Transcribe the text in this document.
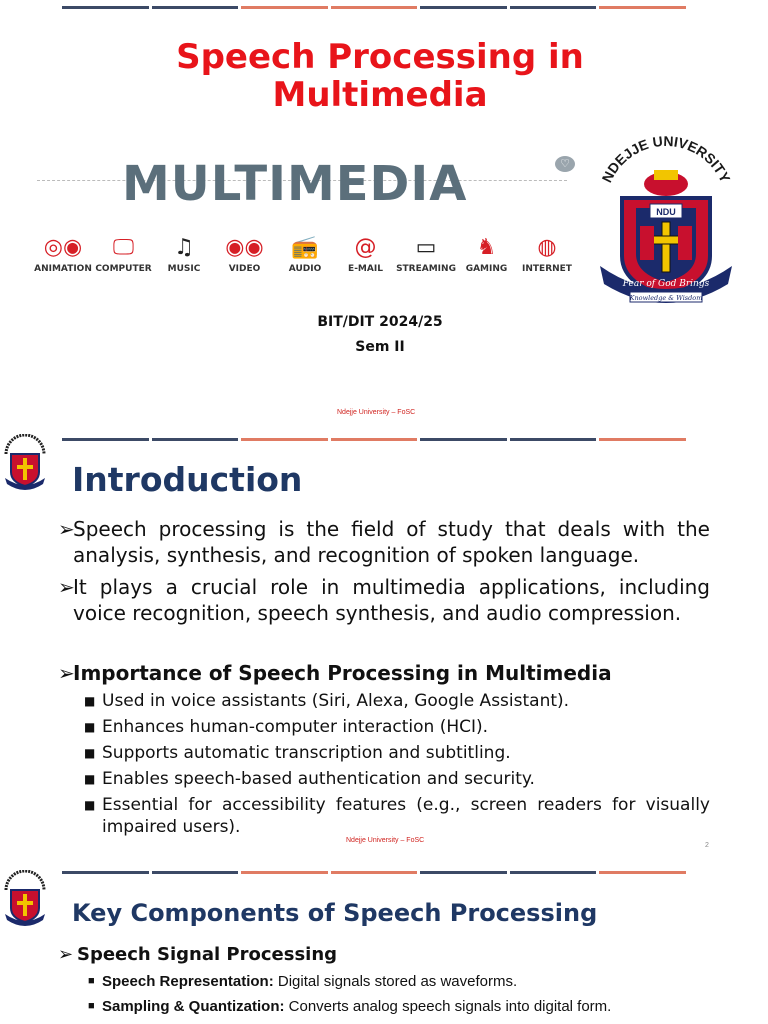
Speech Processing in Multimedia
MULTIMEDIA	♡
◎◉
ANIMATION
🖵
COMPUTER
♫
MUSIC
◉◉
VIDEO
📻
AUDIO
@
E-MAIL
▭
STREAMING
♞
GAMING
◍
INTERNET
NDEJJE UNIVERSITY
NDU
Fear of God Brings
Knowledge & Wisdom
BIT/DIT 2024/25
Sem II
Ndejje University – FoSC
Introduction
➢
Speech processing is the field of study that deals with the analysis, synthesis, and recognition of spoken language.
➢
It plays a crucial role in multimedia applications, including voice recognition, speech synthesis, and audio compression.
➢
Importance of Speech Processing in Multimedia
■ Used in voice assistants (Siri, Alexa, Google Assistant).
■ Enhances human-computer interaction (HCI).
■ Supports automatic transcription and subtitling.
■ Enables speech-based authentication and security.
■ Essential for accessibility features (e.g., screen readers for visually impaired users).
Ndejje University – FoSC
2
Key Components of Speech Processing
➢ Speech Signal Processing
■ Speech Representation: Digital signals stored as waveforms.
■ Sampling & Quantization: Converts analog speech signals into digital form.
